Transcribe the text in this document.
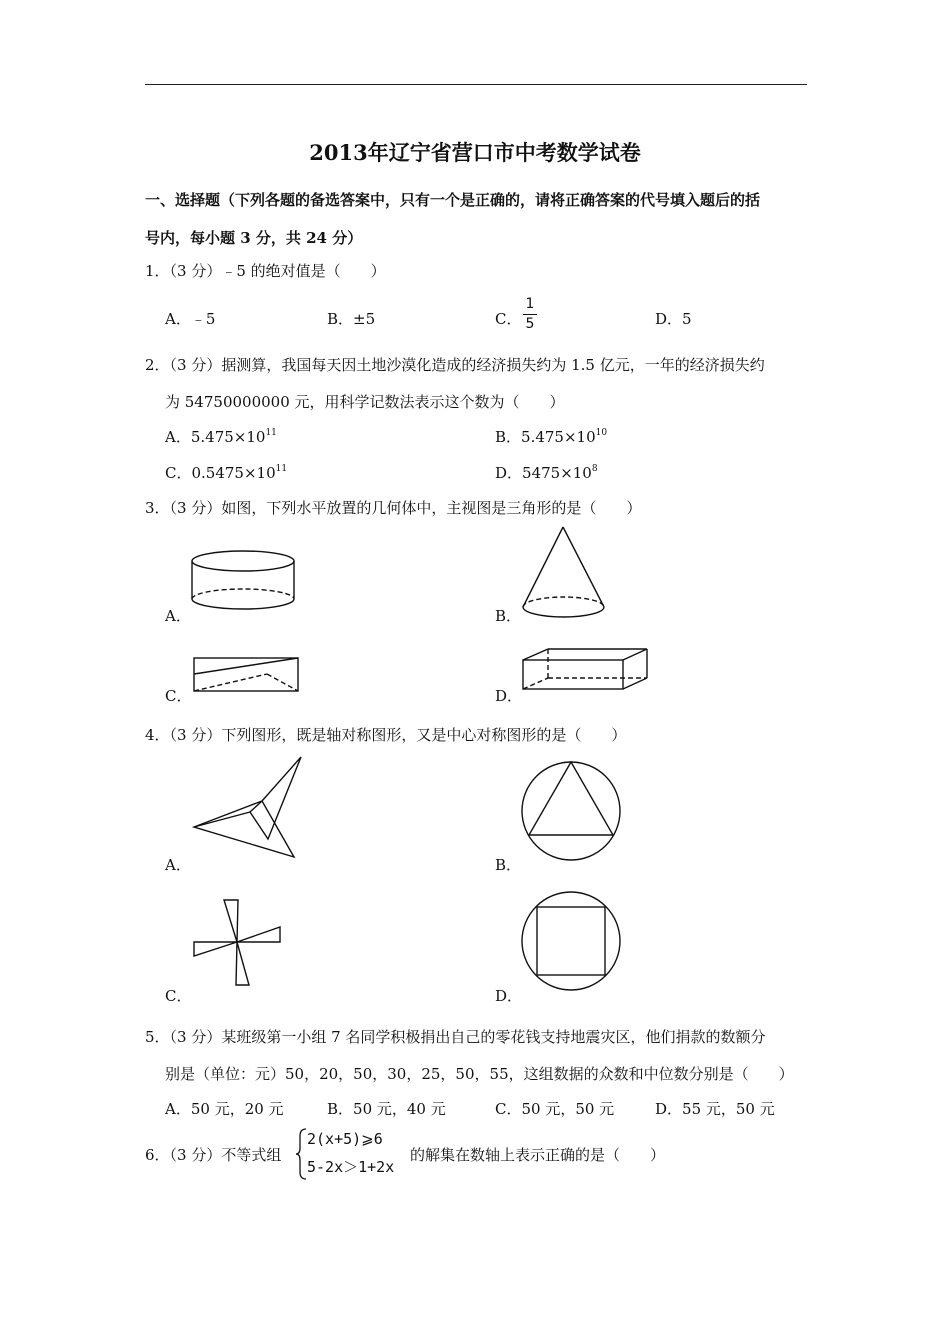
2013年辽宁省营口市中考数学试卷
一、选择题（下列各题的备选答案中，只有一个是正确的，请将正确答案的代号填入题后的括
号内，每小题 3 分，共 24 分）
1．（3 分）﹣5 的绝对值是（　　）
A．﹣5	B．±5	C．
1
5	D．5
2．（3 分）据测算，我国每天因土地沙漠化造成的经济损失约为 1.5 亿元，一年的经济损失约
为 54750000000 元，用科学记数法表示这个数为（　　）
A．$5.475\times 10^{11}$	B．$5.475\times 10^{10}$
C．$0.5475\times 10^{11}$	D．$5475\times 10^8$
3．（3 分）如图，下列水平放置的几何体中，主视图是三角形的是（　　）
A．	B．
C．	D．
4．（3 分）下列图形，既是轴对称图形，又是中心对称图形的是（　　）
A．	B．
C．	D．
5．（3 分）某班级第一小组 7 名同学积极捐出自己的零花钱支持地震灾区，他们捐款的数额分
别是（单位：元）50，20，50，30，25，50，55，这组数据的众数和中位数分别是（　　）
A．50 元，20 元	B．50 元，40 元	C．50 元，50 元	D．55 元，50 元
6．（3 分）不等式组
2(x+5)⩾6
5-2x＞1+2x
的解集在数轴上表示正确的是（　　）
